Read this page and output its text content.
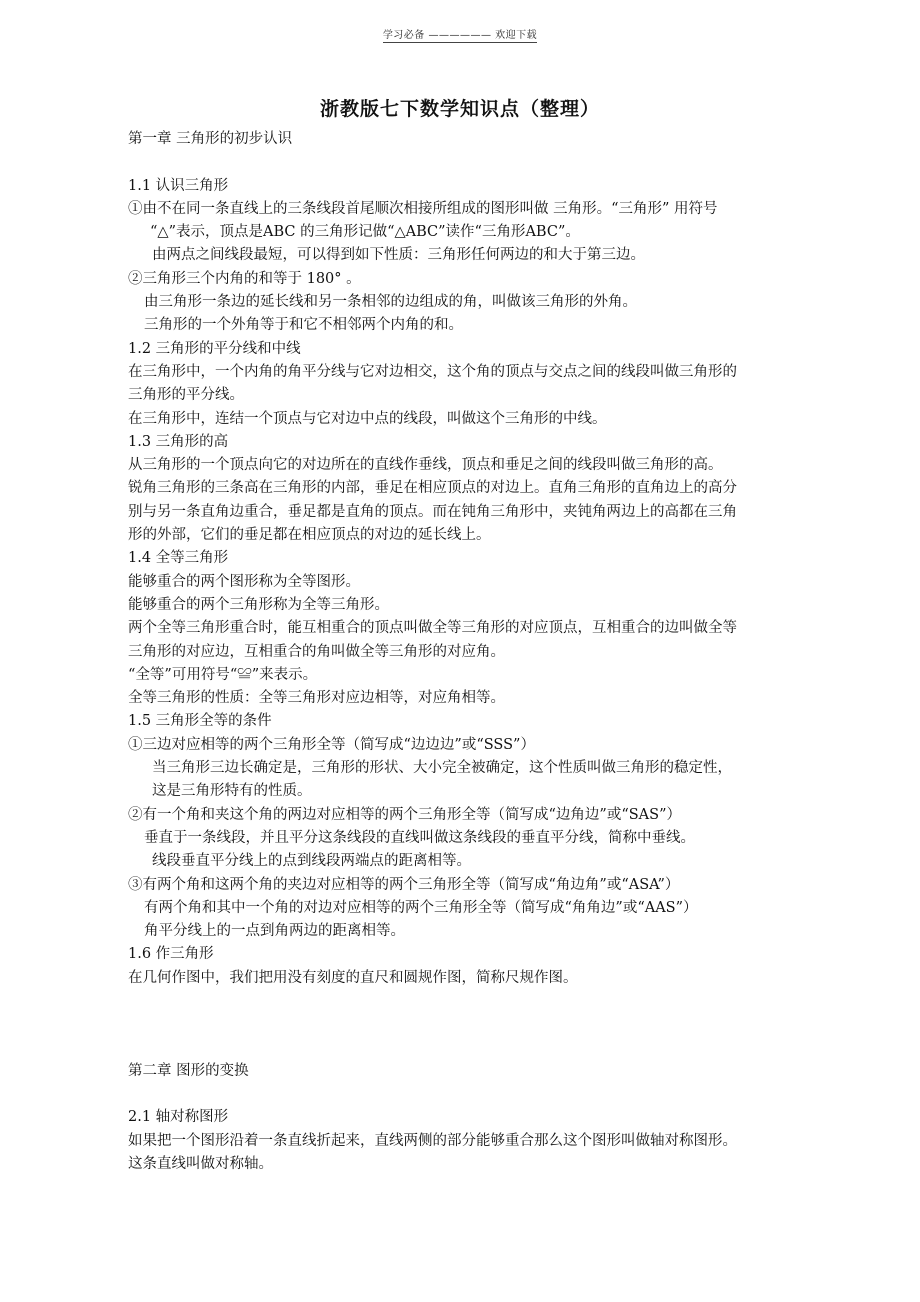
学习必备 —————— 欢迎下载
浙教版七下数学知识点（整理）
第一章 三角形的初步认识
1.1 认识三角形
①由不在同一条直线上的三条线段首尾顺次相接所组成的图形叫做 三角形。“三角形” 用符号
“△”表示，顶点是ABC 的三角形记做“△ABC”读作“三角形ABC”。
由两点之间线段最短，可以得到如下性质：三角形任何两边的和大于第三边。
②三角形三个内角的和等于 180° 。
由三角形一条边的延长线和另一条相邻的边组成的角，叫做该三角形的外角。
三角形的一个外角等于和它不相邻两个内角的和。
1.2 三角形的平分线和中线
在三角形中，一个内角的角平分线与它对边相交，这个角的顶点与交点之间的线段叫做三角形的
三角形的平分线。
在三角形中，连结一个顶点与它对边中点的线段，叫做这个三角形的中线。
1.3 三角形的高
从三角形的一个顶点向它的对边所在的直线作垂线，顶点和垂足之间的线段叫做三角形的高。
锐角三角形的三条高在三角形的内部，垂足在相应顶点的对边上。直角三角形的直角边上的高分
别与另一条直角边重合，垂足都是直角的顶点。而在钝角三角形中，夹钝角两边上的高都在三角
形的外部，它们的垂足都在相应顶点的对边的延长线上。
1.4 全等三角形
能够重合的两个图形称为全等图形。
能够重合的两个三角形称为全等三角形。
两个全等三角形重合时，能互相重合的顶点叫做全等三角形的对应顶点，互相重合的边叫做全等
三角形的对应边，互相重合的角叫做全等三角形的对应角。
“全等”可用符号“≌”来表示。
全等三角形的性质：全等三角形对应边相等，对应角相等。
1.5 三角形全等的条件
①三边对应相等的两个三角形全等（简写成“边边边”或“SSS”）
当三角形三边长确定是，三角形的形状、大小完全被确定，这个性质叫做三角形的稳定性，
这是三角形特有的性质。
②有一个角和夹这个角的两边对应相等的两个三角形全等（简写成“边角边”或“SAS”）
垂直于一条线段，并且平分这条线段的直线叫做这条线段的垂直平分线，简称中垂线。
线段垂直平分线上的点到线段两端点的距离相等。
③有两个角和这两个角的夹边对应相等的两个三角形全等（简写成“角边角”或“ASA”）
有两个角和其中一个角的对边对应相等的两个三角形全等（简写成“角角边”或“AAS”）
角平分线上的一点到角两边的距离相等。
1.6 作三角形
在几何作图中，我们把用没有刻度的直尺和圆规作图，简称尺规作图。
第二章 图形的变换
2.1 轴对称图形
如果把一个图形沿着一条直线折起来，直线两侧的部分能够重合那么这个图形叫做轴对称图形。
这条直线叫做对称轴。
